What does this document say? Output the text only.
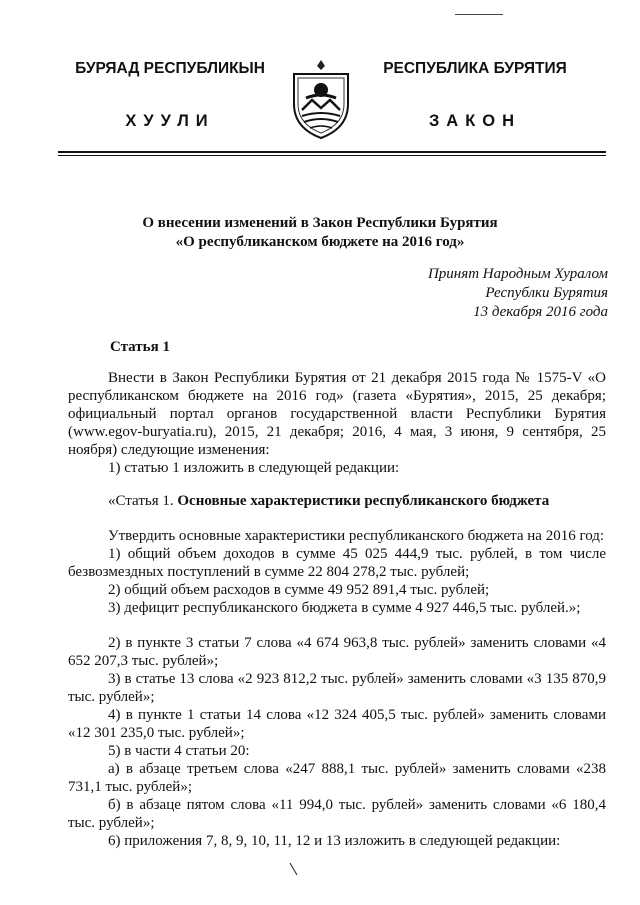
БУРЯАД РЕСПУБЛИКЫН	РЕСПУБЛИКА БУРЯТИЯ
ХУУЛИ	ЗАКОН
О внесении изменений в Закон Республики Бурятия
«О республиканском бюджете на 2016 год»
Принят Народным Хуралом
Республки Бурятия
13 декабря 2016 года
Статья 1
Внести в Закон Республики Бурятия от 21 декабря 2015 года № 1575-V «О республиканском бюджете на 2016 год» (газета «Бурятия», 2015, 25 декабря; официальный портал органов государственной власти Республики Бурятия (www.egov-buryatia.ru), 2015, 21 декабря; 2016, 4 мая, 3 июня, 9 сентября, 25 ноября) следующие изменения:
1) статью 1 изложить в следующей редакции:
«Статья 1. Основные характеристики республиканского бюджета
Утвердить основные характеристики республиканского бюджета на 2016 год:
1) общий объем доходов в сумме 45 025 444,9 тыс. рублей, в том числе безвозмездных поступлений в сумме 22 804 278,2 тыс. рублей;
2) общий объем расходов в сумме 49 952 891,4 тыс. рублей;
3) дефицит республиканского бюджета в сумме 4 927 446,5 тыс. рублей.»;
2) в пункте 3 статьи 7 слова «4 674 963,8 тыс. рублей» заменить словами «4 652 207,3 тыс. рублей»;
3) в статье 13 слова «2 923 812,2 тыс. рублей» заменить словами «3 135 870,9 тыс. рублей»;
4) в пункте 1 статьи 14 слова «12 324 405,5 тыс. рублей» заменить словами «12 301 235,0 тыс. рублей»;
5) в части 4 статьи 20:
а) в абзаце третьем слова «247 888,1 тыс. рублей» заменить словами «238 731,1 тыс. рублей»;
б) в абзаце пятом слова «11 994,0 тыс. рублей» заменить словами «6 180,4 тыс. рублей»;
6) приложения 7, 8, 9, 10, 11, 12 и 13 изложить в следующей редакции:
